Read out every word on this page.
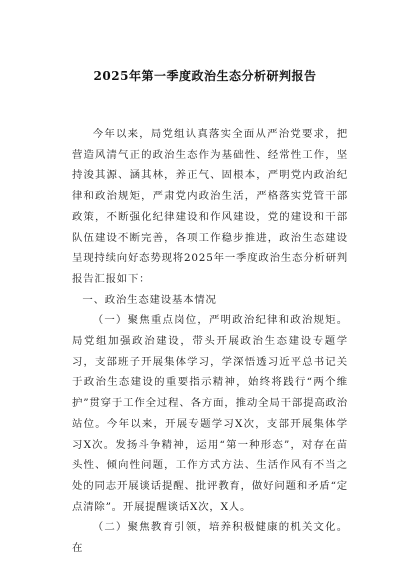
2025年第一季度政治生态分析研判报告

今年以来，局党组认真落实全面从严治党要求，把营造风清气正的政治生态作为基础性、经常性工作，坚持浚其源、涵其林，养正气、固根本，严明党内政治纪律和政治规矩，严肃党内政治生活，严格落实党管干部政策，不断强化纪律建设和作风建设，党的建设和干部队伍建设不断完善，各项工作稳步推进，政治生态建设呈现持续向好态势现将2025年一季度政治生态分析研判报告汇报如下：

一、政治生态建设基本情况

（一）聚焦重点岗位，严明政治纪律和政治规矩。局党组加强政治建设，带头开展政治生态建设专题学习，支部班子开展集体学习，学深悟透习近平总书记关于政治生态建设的重要指示精神，始终将践行“两个维护”贯穿于工作全过程、各方面，推动全局干部提高政治站位。今年以来，开展专题学习X次，支部开展集体学习X次。发扬斗争精神，运用“第一种形态”，对存在苗头性、倾向性问题，工作方式方法、生活作风有不当之处的同志开展谈话提醒、批评教育，做好问题和矛盾“定点清除”。开展提醒谈话X次，X人。

（二）聚焦教育引领，培养积极健康的机关文化。在
